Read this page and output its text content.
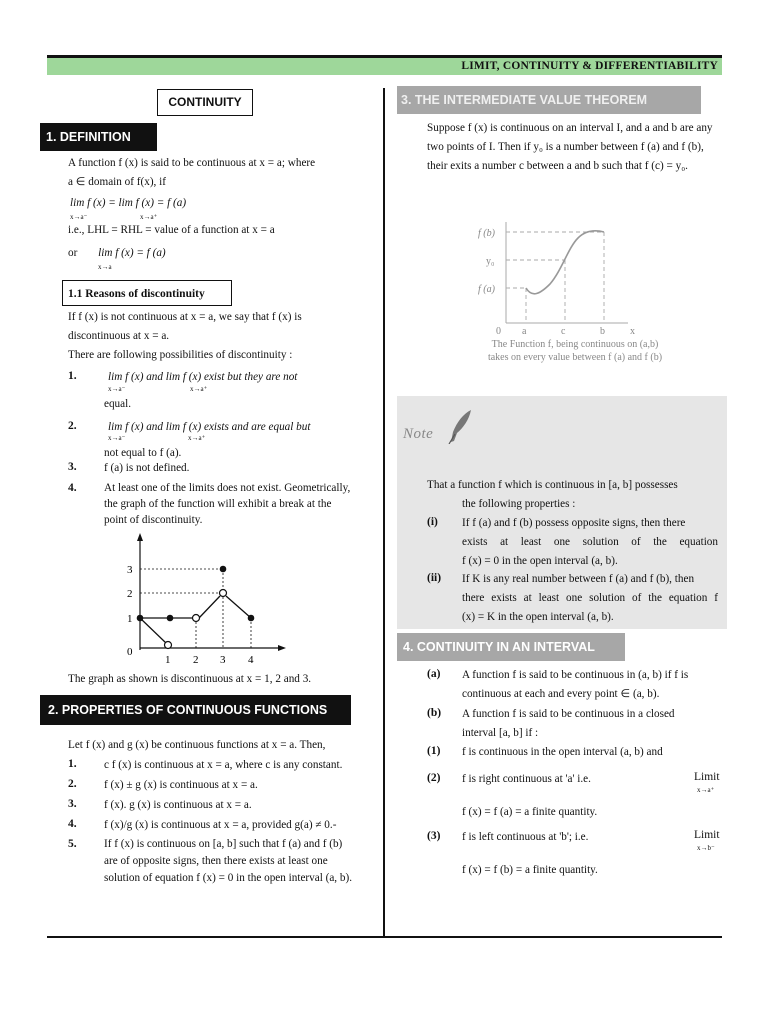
LIMIT, CONTINUITY & DIFFERENTIABILITY
CONTINUITY
1. DEFINITION
A function f (x) is said to be continuous at x = a; where
a ∈ domain of f(x), if
lim f (x) = lim f (x) = f (a)
x→a⁻	x→a⁺
i.e., LHL = RHL = value of a function at x = a
or lim f (x) = f (a)
x→a
1.1 Reasons of discontinuity
If f (x) is not continuous at x = a, we say that f (x) is
discontinuous at x = a.
There are following possibilities of discontinuity :
1.	lim f (x) and lim f (x) exist but they are not
x→a⁻	x→a⁺
equal.
2.	lim f (x) and lim f (x) exists and are equal but
x→a⁻	x→a⁺
not equal to f (a).
3. f (a) is not defined.
4. At least one of the limits does not exist. Geometrically,
the graph of the function will exhibit a break at the
point of discontinuity.
3
2
1
0
1 2 3 4
The graph as shown is discontinuous at x = 1, 2 and 3.
2. PROPERTIES OF CONTINUOUS FUNCTIONS
Let f (x) and g (x) be continuous functions at x = a. Then,
1. c f (x) is continuous at x = a, where c is any constant.
2. f (x) ± g (x) is continuous at x = a.
3. f (x). g (x) is continuous at x = a.
4. f (x)/g (x) is continuous at x = a, provided g(a) ≠ 0.-
5. If f (x) is continuous on [a, b] such that f (a) and f (b)
are of opposite signs, then there exists at least one
solution of equation f (x) = 0 in the open interval (a, b).
3. THE INTERMEDIATE VALUE THEOREM
Suppose f (x) is continuous on an interval I, and a and b are any
two points of I. Then if y₀ is a number between f (a) and f (b),
their exits a number c between a and b such that f (c) = y₀.
f (b)
y₀
f (a)
0 a	c	b	x
The Function f, being continuous on (a,b)
takes on every value between f (a) and f (b)
Note
That a function f which is continuous in [a, b] possesses
the following properties :
(i) If f (a) and f (b) possess opposite signs, then there
exists at least one solution of the equation
f (x) = 0 in the open interval (a, b).
(ii) If K is any real number between f (a) and f (b), then
there exists at least one solution of the equation f
(x) = K in the open interval (a, b).
4. CONTINUITY IN AN INTERVAL
(a) A function f is said to be continuous in (a, b) if f is
continuous at each and every point ∈ (a, b).
(b) A function f is said to be continuous in a closed
interval [a, b] if :
(1) f is continuous in the open interval (a, b) and
(2) f is right continuous at 'a' i.e.	Limit
x→a⁺
f (x) = f (a) = a finite quantity.
(3) f is left continuous at 'b'; i.e.	Limit
x→b⁻
f (x) = f (b) = a finite quantity.
